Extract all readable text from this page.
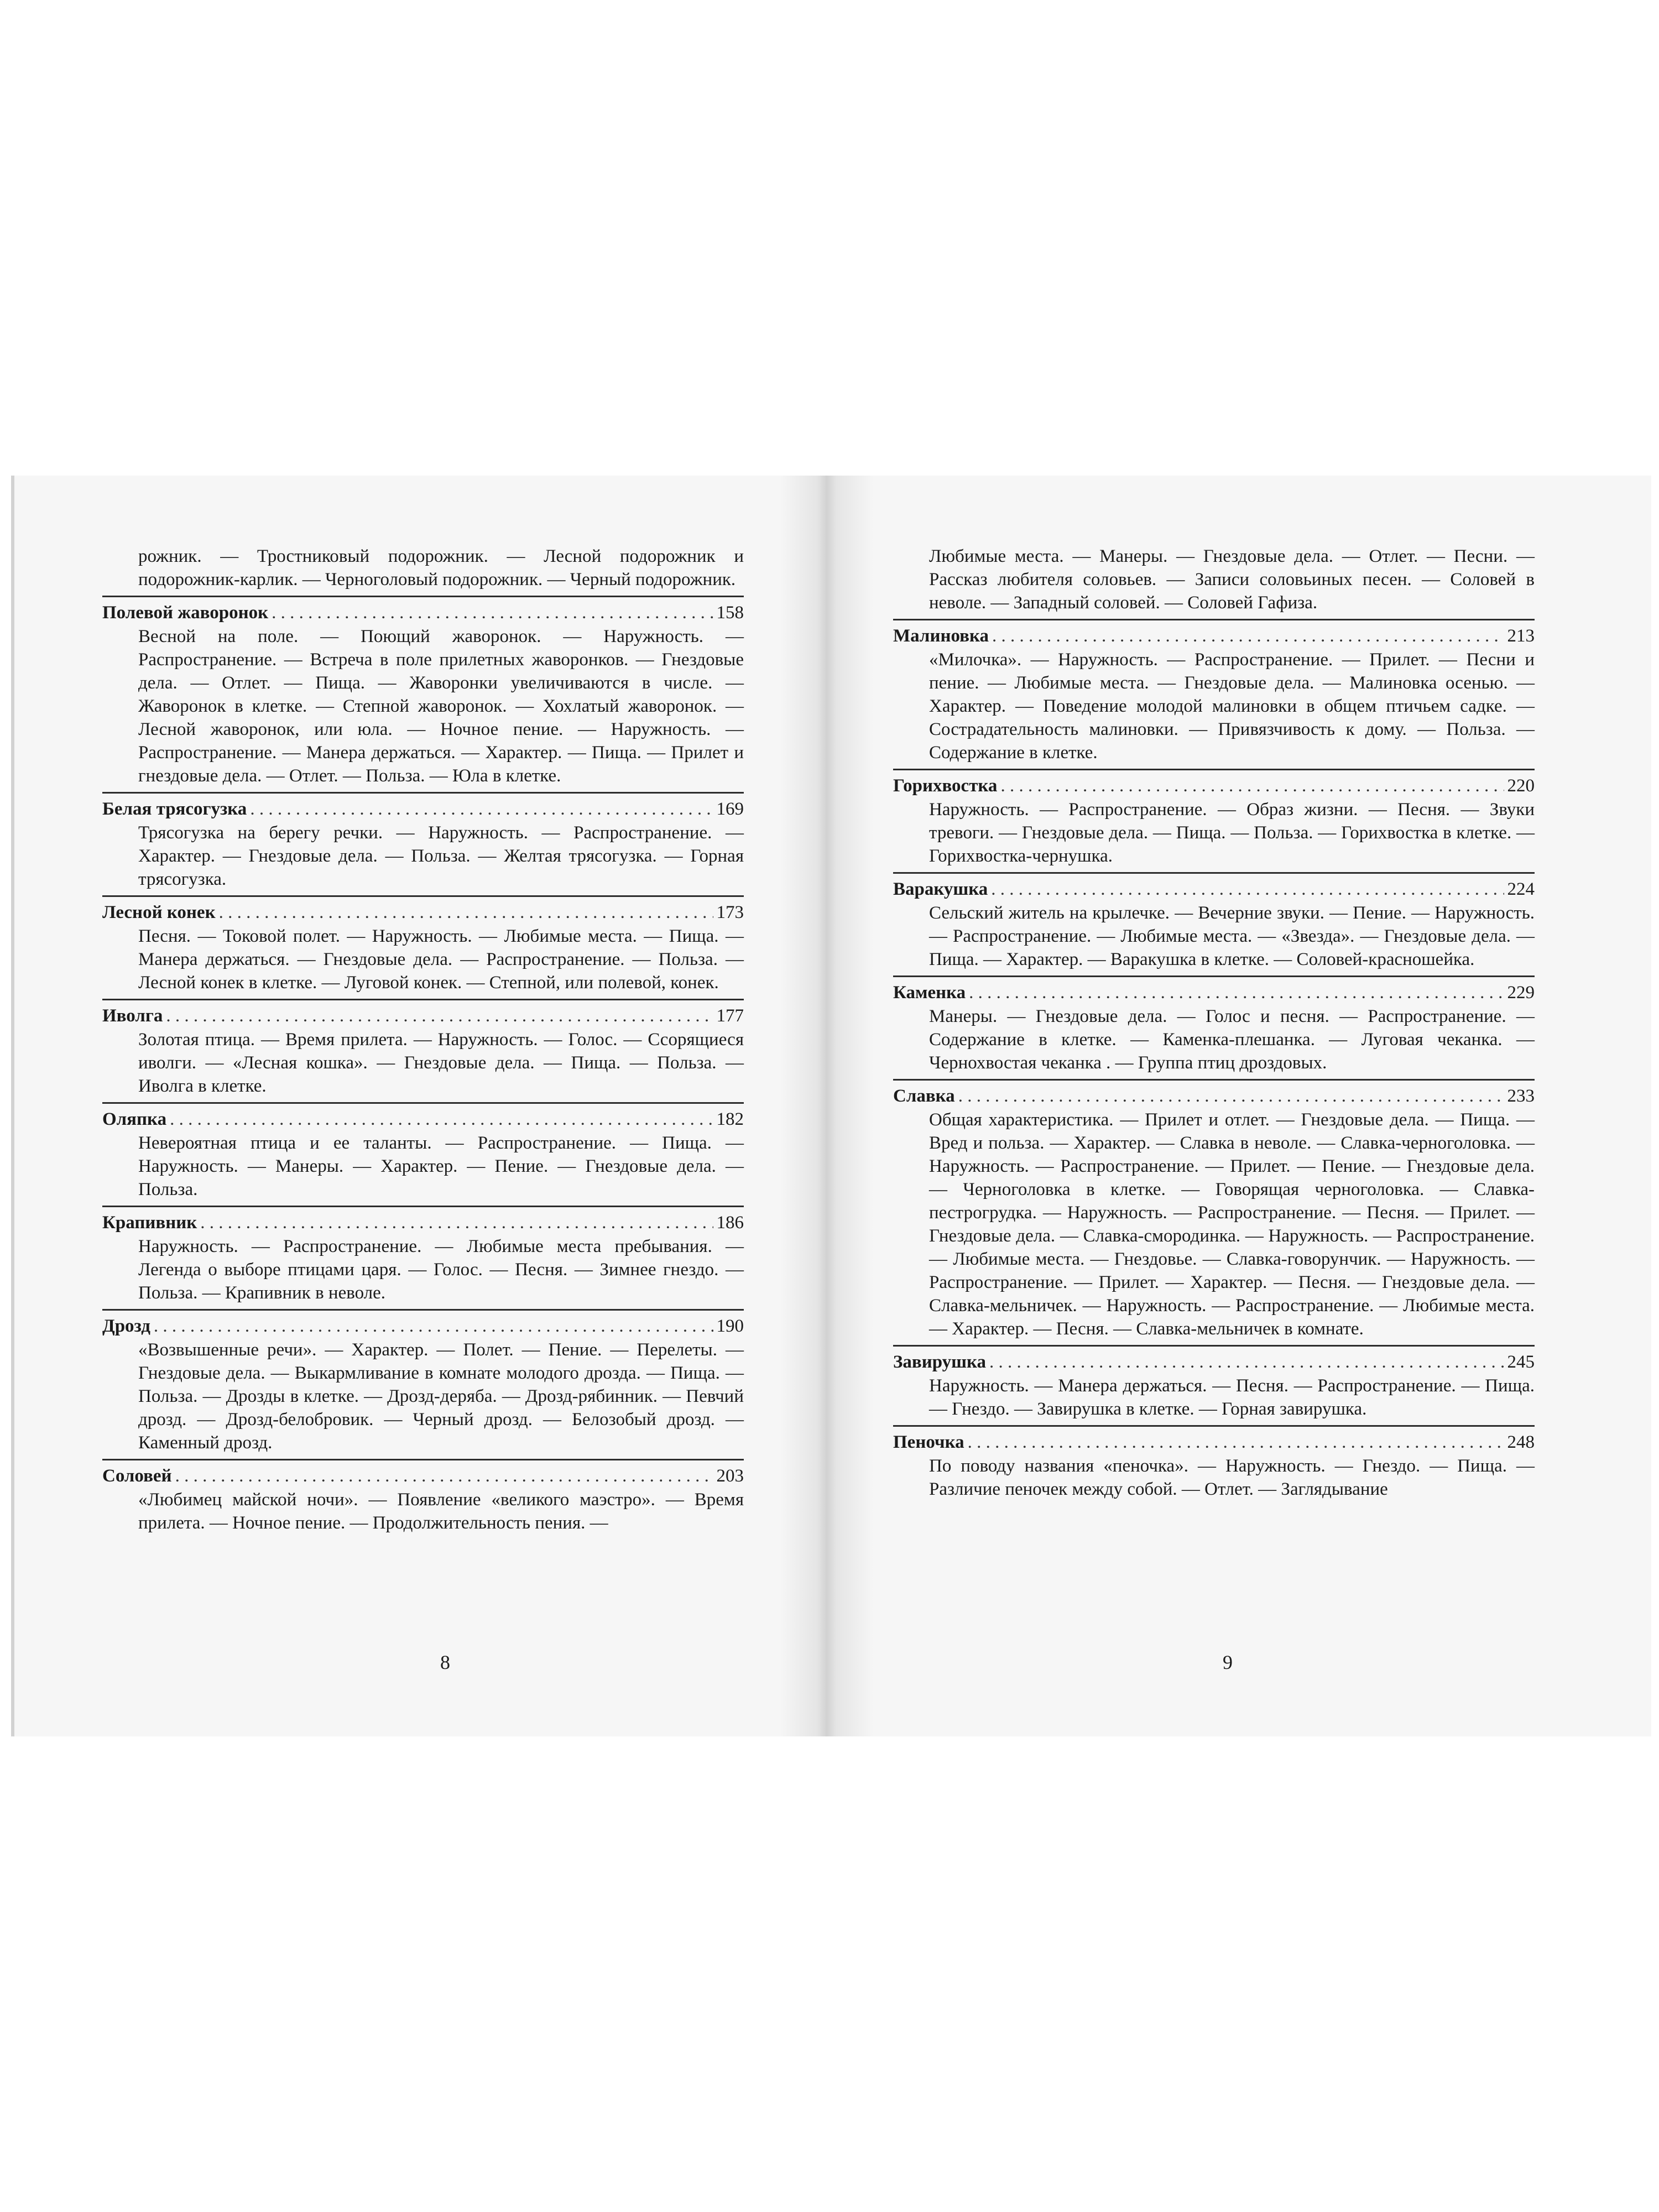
рожник. — Тростниковый подорожник. — Лесной подорожник и подорожник-карлик. — Черноголовый подорожник. — Черный подорожник.

Полевой жаворонок . . .	158

Весной на поле. — Поющий жаворонок. — Наружность. — Распространение. — Встреча в поле прилетных жаворонков. — Гнездовые дела. — Отлет. — Пища. — Жаворонки увеличиваются в числе. — Жаворонок в клетке. — Степной жаворонок. — Хохлатый жаворонок. — Лесной жаворонок, или юла. — Ночное пение. — Наружность. — Распространение. — Манера держаться. — Характер. — Пища. — Прилет и гнездовые дела. — Отлет. — Польза. — Юла в клетке.

Белая трясогузка . . .	169

Трясогузка на берегу речки. — Наружность. — Распространение. — Характер. — Гнездовые дела. — Польза. — Желтая трясогузка. — Горная трясогузка.

Лесной конек . . .	173

Песня. — Токовой полет. — Наружность. — Любимые места. — Пища. — Манера держаться. — Гнездовые дела. — Распространение. — Польза. — Лесной конек в клетке. — Луговой конек. — Степной, или полевой, конек.

Иволга . . .	177

Золотая птица. — Время прилета. — Наружность. — Голос. — Ссорящиеся иволги. — «Лесная кошка». — Гнездовые дела. — Пища. — Польза. — Иволга в клетке.

Оляпка . . .	182

Невероятная птица и ее таланты. — Распространение. — Пища. — Наружность. — Манеры. — Характер. — Пение. — Гнездовые дела. — Польза.

Крапивник . . .	186

Наружность. — Распространение. — Любимые места пребывания. — Легенда о выборе птицами царя. — Голос. — Песня. — Зимнее гнездо. — Польза. — Крапивник в неволе.

Дрозд . . .	190

«Возвышенные речи». — Характер. — Полет. — Пение. — Перелеты. — Гнездовые дела. — Выкармливание в комнате молодого дрозда. — Пища. — Польза. — Дрозды в клетке. — Дрозд-деряба. — Дрозд-рябинник. — Певчий дрозд. — Дрозд-белобровик. — Черный дрозд. — Белозобый дрозд. — Каменный дрозд.

Соловей . . .	203

«Любимец майской ночи». — Появление «великого маэстро». — Время прилета. — Ночное пение. — Продолжительность пения. —

8

Любимые места. — Манеры. — Гнездовые дела. — Отлет. — Песни. — Рассказ любителя соловьев. — Записи соловьиных песен. — Соловей в неволе. — Западный соловей. — Соловей Гафиза.

Малиновка . . .	213

«Милочка». — Наружность. — Распространение. — Прилет. — Песни и пение. — Любимые места. — Гнездовые дела. — Малиновка осенью. — Характер. — Поведение молодой малиновки в общем птичьем садке. — Сострадательность малиновки. — Привязчивость к дому. — Польза. — Содержание в клетке.

Горихвостка . . .	220

Наружность. — Распространение. — Образ жизни. — Песня. — Звуки тревоги. — Гнездовые дела. — Пища. — Польза. — Горихвостка в клетке. — Горихвостка-чернушка.

Варакушка . . .	224

Сельский житель на крылечке. — Вечерние звуки. — Пение. — Наружность. — Распространение. — Любимые места. — «Звезда». — Гнездовые дела. — Пища. — Характер. — Варакушка в клетке. — Соловей-красношейка.

Каменка . . .	229

Манеры. — Гнездовые дела. — Голос и песня. — Распространение. — Содержание в клетке. — Каменка-плешанка. — Луговая чеканка. — Чернохвостая чеканка . — Группа птиц дроздовых.

Славка . . .	233

Общая характеристика. — Прилет и отлет. — Гнездовые дела. — Пища. — Вред и польза. — Характер. — Славка в неволе. — Славка-черноголовка. — Наружность. — Распространение. — Прилет. — Пение. — Гнездовые дела. — Черноголовка в клетке. — Говорящая черноголовка. — Славка-пестрогрудка. — Наружность. — Распространение. — Песня. — Прилет. — Гнездовые дела. — Славка-смородинка. — Наружность. — Распространение. — Любимые места. — Гнездовье. — Славка-говорунчик. — Наружность. — Распространение. — Прилет. — Характер. — Песня. — Гнездовые дела. — Славка-мельничек. — Наружность. — Распространение. — Любимые места. — Характер. — Песня. — Славка-мельничек в комнате.

Завирушка . . .	245

Наружность. — Манера держаться. — Песня. — Распространение. — Пища. — Гнездо. — Завирушка в клетке. — Горная завирушка.

Пеночка . . .	248

По поводу названия «пеночка». — Наружность. — Гнездо. — Пища. — Различие пеночек между собой. — Отлет. — Заглядывание

9
